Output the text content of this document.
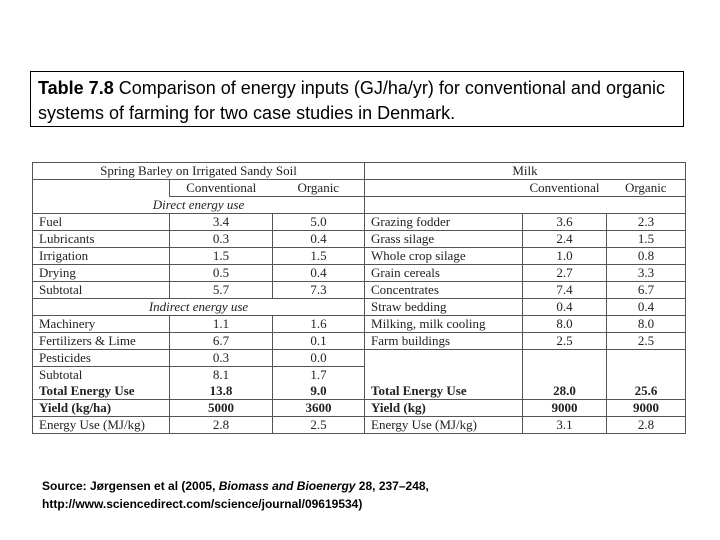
Table 7.8 Comparison of energy inputs (GJ/ha/yr) for conventional and organic systems of farming for two case studies in Denmark.
Spring Barley on Irrigated Sandy Soil			Milk		
	Conventional	Organic		Conventional	Organic
Direct energy use					
Fuel	3.4	5.0	Grazing fodder	3.6	2.3
Lubricants	0.3	0.4	Grass silage	2.4	1.5
Irrigation	1.5	1.5	Whole crop silage	1.0	0.8
Drying	0.5	0.4	Grain cereals	2.7	3.3
Subtotal	5.7	7.3	Concentrates	7.4	6.7
Indirect energy use			Straw bedding	0.4	0.4
Machinery	1.1	1.6	Milking, milk cooling	8.0	8.0
Fertilizers & Lime	6.7	0.1	Farm buildings	2.5	2.5
Pesticides	0.3	0.0			
Subtotal	8.1	1.7			
Total Energy Use	13.8	9.0	Total Energy Use	28.0	25.6
Yield (kg/ha)	5000	3600	Yield (kg)	9000	9000
Energy Use (MJ/kg)	2.8	2.5	Energy Use (MJ/kg)	3.1	2.8
Source: Jørgensen et al (2005, Biomass and Bioenergy 28, 237–248,
http://www.sciencedirect.com/science/journal/09619534)
